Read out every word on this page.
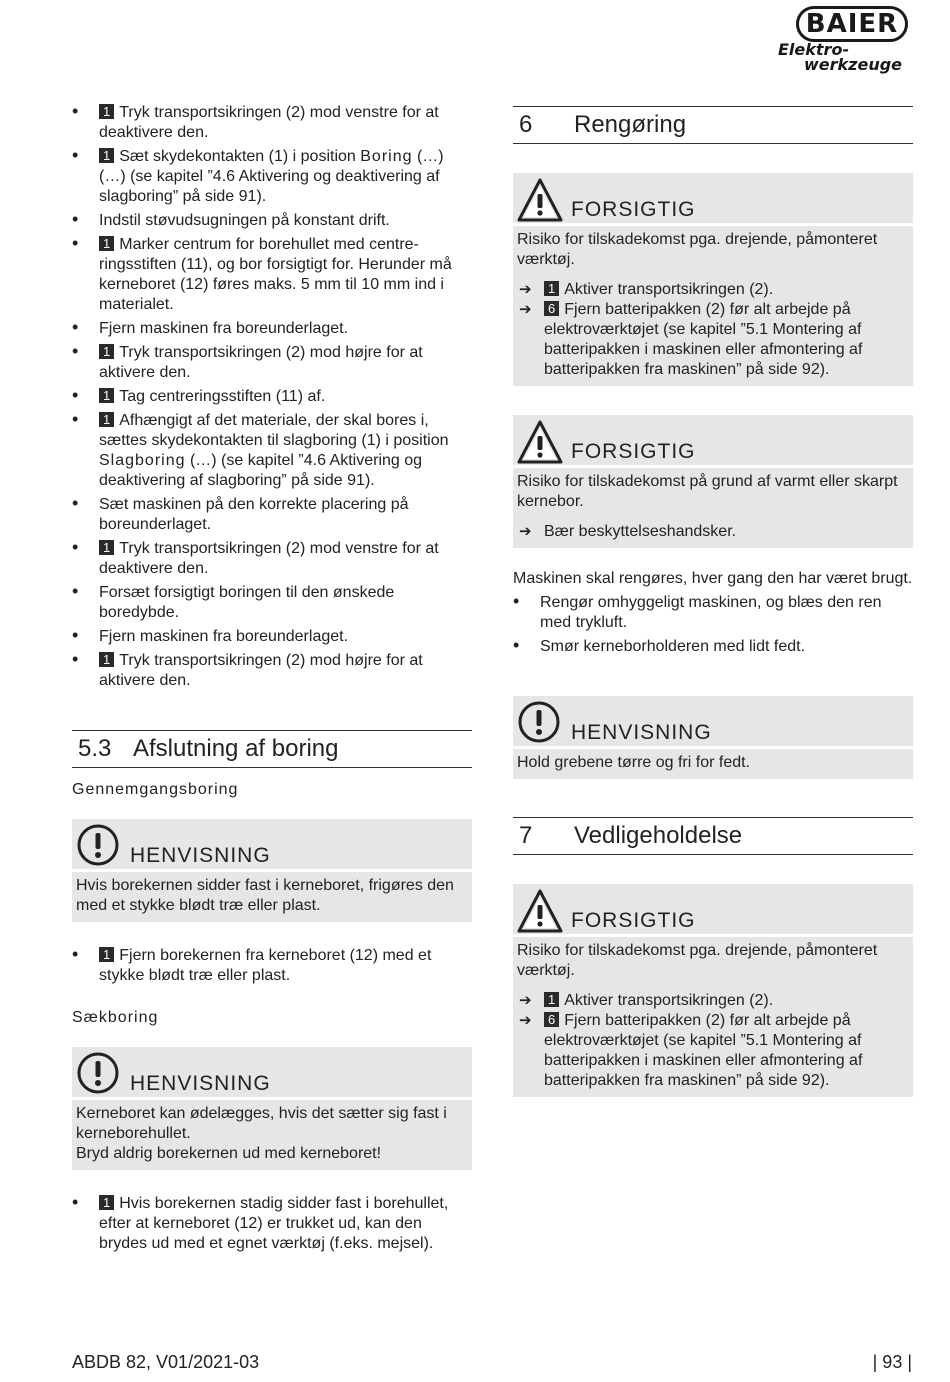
BAIER
Elektro-
werkzeuge
• 1 Tryk transportsikringen (2) mod venstre for at deaktivere den.
• 1 Sæt skydekontakten (1) i position Boring (…) (…) (se kapitel ”4.6 Aktivering og deaktivering af slagboring” på side 91).
• Indstil støvudsugningen på konstant drift.
• 1 Marker centrum for borehullet med centre-ringsstiften (11), og bor forsigtigt for. Herunder må kerneboret (12) føres maks. 5 mm til 10 mm ind i materialet.
• Fjern maskinen fra boreunderlaget.
• 1 Tryk transportsikringen (2) mod højre for at aktivere den.
• 1 Tag centreringsstiften (11) af.
• 1 Afhængigt af det materiale, der skal bores i, sættes skydekontakten til slagboring (1) i position Slagboring (…) (se kapitel ”4.6 Aktivering og deaktivering af slagboring” på side 91).
• Sæt maskinen på den korrekte placering på boreunderlaget.
• 1 Tryk transportsikringen (2) mod venstre for at deaktivere den.
• Forsæt forsigtigt boringen til den ønskede boredybde.
• Fjern maskinen fra boreunderlaget.
• 1 Tryk transportsikringen (2) mod højre for at aktivere den.
5.3 Afslutning af boring

Gennemgangsboring

HENVISNING
Hvis borekernen sidder fast i kerneboret, frigøres den med et stykke blødt træ eller plast.
• 1 Fjern borekernen fra kerneboret (12) med et stykke blødt træ eller plast.

Sækboring

HENVISNING
Kerneboret kan ødelægges, hvis det sætter sig fast i kerneborehullet.
Bryd aldrig borekernen ud med kerneboret!
• 1 Hvis borekernen stadig sidder fast i borehullet, efter at kerneboret (12) er trukket ud, kan den brydes ud med et egnet værktøj (f.eks. mejsel).
6	Rengøring
FORSIGTIG
Risiko for tilskadekomst pga. drejende, påmonteret værktøj.
➔ 1 Aktiver transportsikringen (2).
➔ 6 Fjern batteripakken (2) før alt arbejde på elektroværktøjet (se kapitel ”5.1 Montering af batteripakken i maskinen eller afmontering af batteripakken fra maskinen” på side 92).
FORSIGTIG
Risiko for tilskadekomst på grund af varmt eller skarpt kernebor.
➔ Bær beskyttelseshandsker.

Maskinen skal rengøres, hver gang den har været brugt.

• Rengør omhyggeligt maskinen, og blæs den ren med trykluft.
• Smør kerneborholderen med lidt fedt.
HENVISNING
Hold grebene tørre og fri for fedt.
7	Vedligeholdelse
FORSIGTIG
Risiko for tilskadekomst pga. drejende, påmonteret værktøj.
➔ 1 Aktiver transportsikringen (2).
➔ 6 Fjern batteripakken (2) før alt arbejde på elektroværktøjet (se kapitel ”5.1 Montering af batteripakken i maskinen eller afmontering af batteripakken fra maskinen” på side 92).
ABDB 82, V01/2021-03	| 93 |
